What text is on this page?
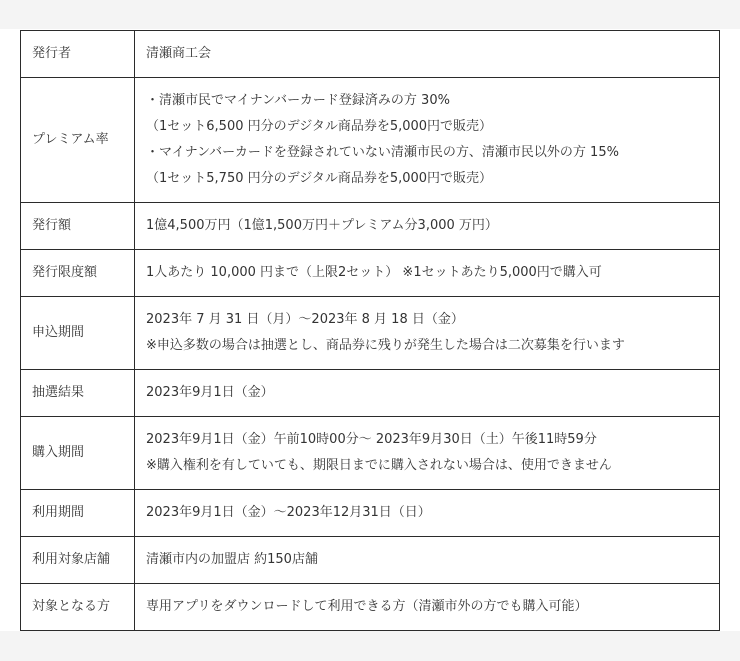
発行者	清瀬商工会

プレミアム率	・清瀬市民でマイナンバーカード登録済みの方 30%
（1セット6,500 円分のデジタル商品券を5,000円で販売）
・マイナンバーカードを登録されていない清瀬市民の方、清瀬市民以外の方 15%
（1セット5,750 円分のデジタル商品券を5,000円で販売）

発行額	1億4,500万円（1億1,500万円＋プレミアム分3,000 万円）

発行限度額	1人あたり 10,000 円まで（上限2セット） ※1セットあたり5,000円で購入可

申込期間	2023年 7 月 31 日（月）～2023年 8 月 18 日（金）
※申込多数の場合は抽選とし、商品券に残りが発生した場合は二次募集を行います

抽選結果	2023年9月1日（金）

購入期間	2023年9月1日（金）午前10時00分～ 2023年9月30日（土）午後11時59分
※購入権利を有していても、期限日までに購入されない場合は、使用できません

利用期間	2023年9月1日（金）～2023年12月31日（日）

利用対象店舗	清瀬市内の加盟店 約150店舗

対象となる方	専用アプリをダウンロードして利用できる方（清瀬市外の方でも購入可能）
